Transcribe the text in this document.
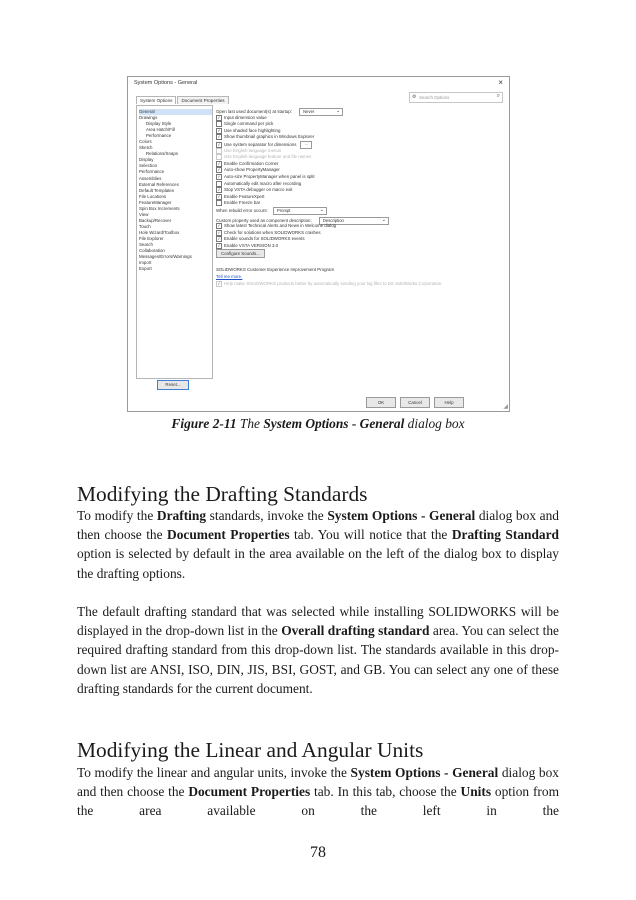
System Options - General	×
System Options	Document Properties
⚙ Search Options	⌕
General
Drawings
Display Style
Area Hatch/Fill
Performance
Colors
Sketch
Relations/Snaps
Display
Selection
Performance
Assemblies
External References
Default Templates
File Locations
FeatureManager
Spin Box Increments
View
Backup/Recover
Touch
Hole Wizard/Toolbox
File Explorer
Search
Collaboration
Messages/Errors/Warnings
Import
Export
Reset...
Open last used document(s) at startup:	Never ⌄
✓ Input dimension value
Single command per pick
✓ Use shaded face highlighting
✓ Show thumbnail graphics in Windows Explorer
✓ Use system separator for dimensions ...
Use English language menus
Use English language feature and file names
✓ Enable Confirmation Corner
✓ Auto-show PropertyManager
✓ Auto-size PropertyManager when panel is split
Automatically edit macro after recording
✓ Stop VSTA debugger on macro exit
✓ Enable FeatureXpert
Enable Freeze bar
When rebuild error occurs: Prompt ⌄
Custom property used as component description:	Description ⌄
✓ Show latest Technical Alerts and News in Welcome dialog
✓ Check for solutions when SOLIDWORKS crashes
✓ Enable sounds for SOLIDWORKS events
✓ Enable VSTA VERSION 3.0
Configure Sounds...
SOLIDWORKS Customer Experience Improvement Program
Tell me more.
✓ Help make SOLIDWORKS products better by automatically sending your log files to DS SolidWorks Corporation
OK	Cancel	Help
◢
Figure 2-11 The System Options - General dialog box
Modifying the Drafting Standards

To modify the Drafting standards, invoke the System Options - General dialog box and then choose the Document Properties tab. You will notice that the Drafting Standard option is selected by default in the area available on the left of the dialog box to display the drafting options.

The default drafting standard that was selected while installing SOLIDWORKS will be displayed in the drop-down list in the Overall drafting standard area. You can select the required drafting standard from this drop-down list. The standards available in this drop-down list are ANSI, ISO, DIN, JIS, BSI, GOST, and GB. You can select any one of these drafting standards for the current document.

Modifying the Linear and Angular Units

To modify the linear and angular units, invoke the System Options - General dialog box and then choose the Document Properties tab. In this tab, choose the Units option from the area available on the left in the

78
